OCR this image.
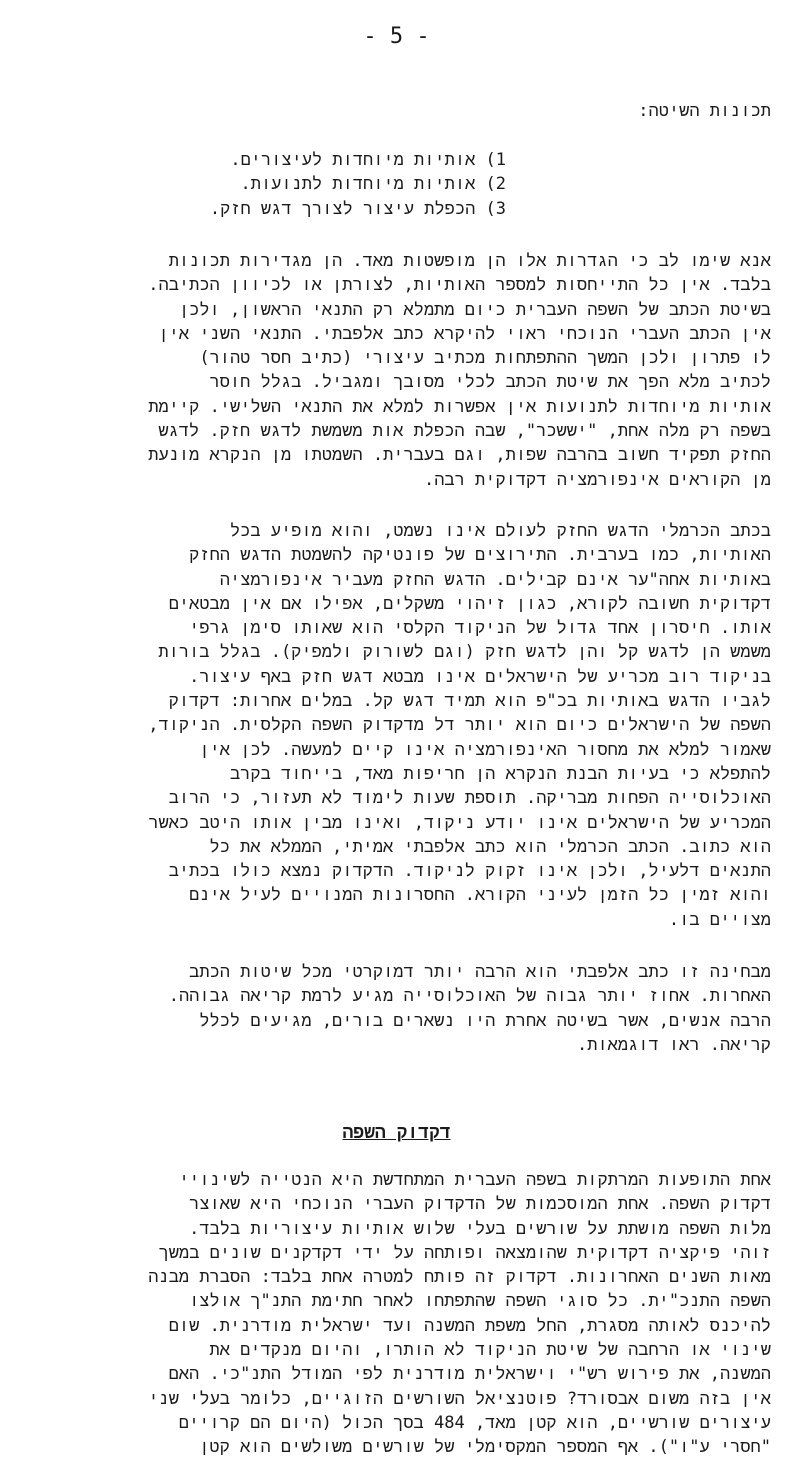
- 5 -
תכונות השיטה:
1) אותיות מיוחדות לעיצורים.
2) אותיות מיוחדות לתנועות.
3) הכפלת עיצור לצורך דגש חזק.
אנא שימו לב כי הגדרות אלו הן מופשטות מאד. הן מגדירות תכונות
בלבד. אין כל התייחסות למספר האותיות, לצורתן או לכיוון הכתיבה.
בשיטת הכתב של השפה העברית כיום מתמלא רק התנאי הראשון, ולכן
אין הכתב העברי הנוכחי ראוי להיקרא כתב אלפבתי. התנאי השני אין
לו פתרון ולכן המשך ההתפתחות מכתיב עיצורי (כתיב חסר טהור)
לכתיב מלא הפך את שיטת הכתב לכלי מסובך ומגביל. בגלל חוסר
אותיות מיוחדות לתנועות אין אפשרות למלא את התנאי השלישי. קיימת
בשפה רק מלה אחת, "יששכר", שבה הכפלת אות משמשת לדגש חזק. לדגש
החזק תפקיד חשוב בהרבה שפות, וגם בעברית. השמטתו מן הנקרא מונעת
מן הקוראים אינפורמציה דקדוקית רבה.
בכתב הכרמלי הדגש החזק לעולם אינו נשמט, והוא מופיע בכל
האותיות, כמו בערבית. התירוצים של פונטיקה להשמטת הדגש החזק
באותיות אחה"ער אינם קבילים. הדגש החזק מעביר אינפורמציה
דקדוקית חשובה לקורא, כגון זיהוי משקלים, אפילו אם אין מבטאים
אותו. חיסרון אחד גדול של הניקוד הקלסי הוא שאותו סימן גרפי
משמש הן לדגש קל והן לדגש חזק (וגם לשורוק ולמפיק). בגלל בורות
בניקוד רוב מכריע של הישראלים אינו מבטא דגש חזק באף עיצור.
לגביו הדגש באותיות בכ"פ הוא תמיד דגש קל. במלים אחרות: דקדוק
השפה של הישראלים כיום הוא יותר דל מדקדוק השפה הקלסית. הניקוד,
שאמור למלא את מחסור האינפורמציה אינו קיים למעשה. לכן אין
להתפלא כי בעיות הבנת הנקרא הן חריפות מאד, בייחוד בקרב
האוכלוסייה הפחות מבריקה. תוספת שעות לימוד לא תעזור, כי הרוב
המכריע של הישראלים אינו יודע ניקוד, ואינו מבין אותו היטב כאשר
הוא כתוב. הכתב הכרמלי הוא כתב אלפבתי אמיתי, הממלא את כל
התנאים דלעיל, ולכן אינו זקוק לניקוד. הדקדוק נמצא כולו בכתיב
והוא זמין כל הזמן לעיני הקורא. החסרונות המנויים לעיל אינם
מצויים בו.
מבחינה זו כתב אלפבתי הוא הרבה יותר דמוקרטי מכל שיטות הכתב
האחרות. אחוז יותר גבוה של האוכלוסייה מגיע לרמת קריאה גבוהה.
הרבה אנשים, אשר בשיטה אחרת היו נשארים בורים, מגיעים לכלל
קריאה. ראו דוגמאות.
דקדוק השפה
אחת התופעות המרתקות בשפה העברית המתחדשת היא הנטייה לשינויי
דקדוק השפה. אחת המוסכמות של הדקדוק העברי הנוכחי היא שאוצר
מלות השפה מושתת על שורשים בעלי שלוש אותיות עיצוריות בלבד.
זוהי פיקציה דקדוקית שהומצאה ופותחה על ידי דקדקנים שונים במשך
מאות השנים האחרונות. דקדוק זה פותח למטרה אחת בלבד: הסברת מבנה
השפה התנכ"ית. כל סוגי השפה שהתפתחו לאחר חתימת התנ"ך אולצו
להיכנס לאותה מסגרת, החל משפת המשנה ועד ישראלית מודרנית. שום
שינוי או הרחבה של שיטת הניקוד לא הותרו, והיום מנקדים את
המשנה, את פירוש רש"י וישראלית מודרנית לפי המודל התנ"כי. האם
אין בזה משום אבסורד? פוטנציאל השורשים הזוגיים, כלומר בעלי שני
עיצורים שורשיים, הוא קטן מאד, 484 בסך הכול (היום הם קרויים
"חסרי ע"ו"). אף המספר המקסימלי של שורשים משולשים הוא קטן
